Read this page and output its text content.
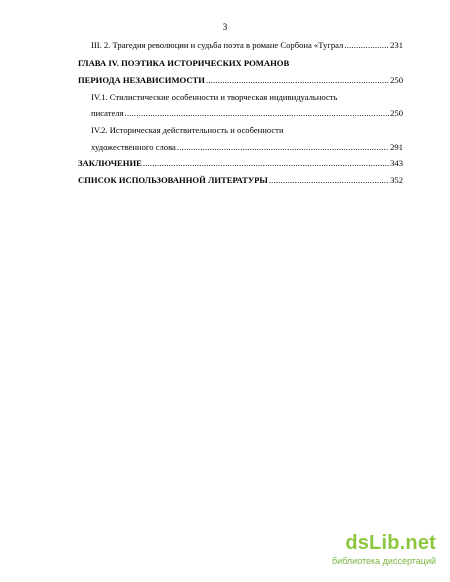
3
III. 2. Трагедия революции и судьба поэта в романе Сорбона «Туграл .....	231
ГЛАВА IV. ПОЭТИКА ИСТОРИЧЕСКИХ РОМАНОВ
ПЕРИОДА НЕЗАВИСИМОСТИ .....	250
IV.1. Стилистические особенности и творческая индивидуальность
писателя .....	250
IV.2. Историческая действительность и особенности
художественного слова .....	291
ЗАКЛЮЧЕНИЕ .....	343
СПИСОК ИСПОЛЬЗОВАННОЙ ЛИТЕРАТУРЫ .....	352
dsLib.net
библиотека диссертаций
